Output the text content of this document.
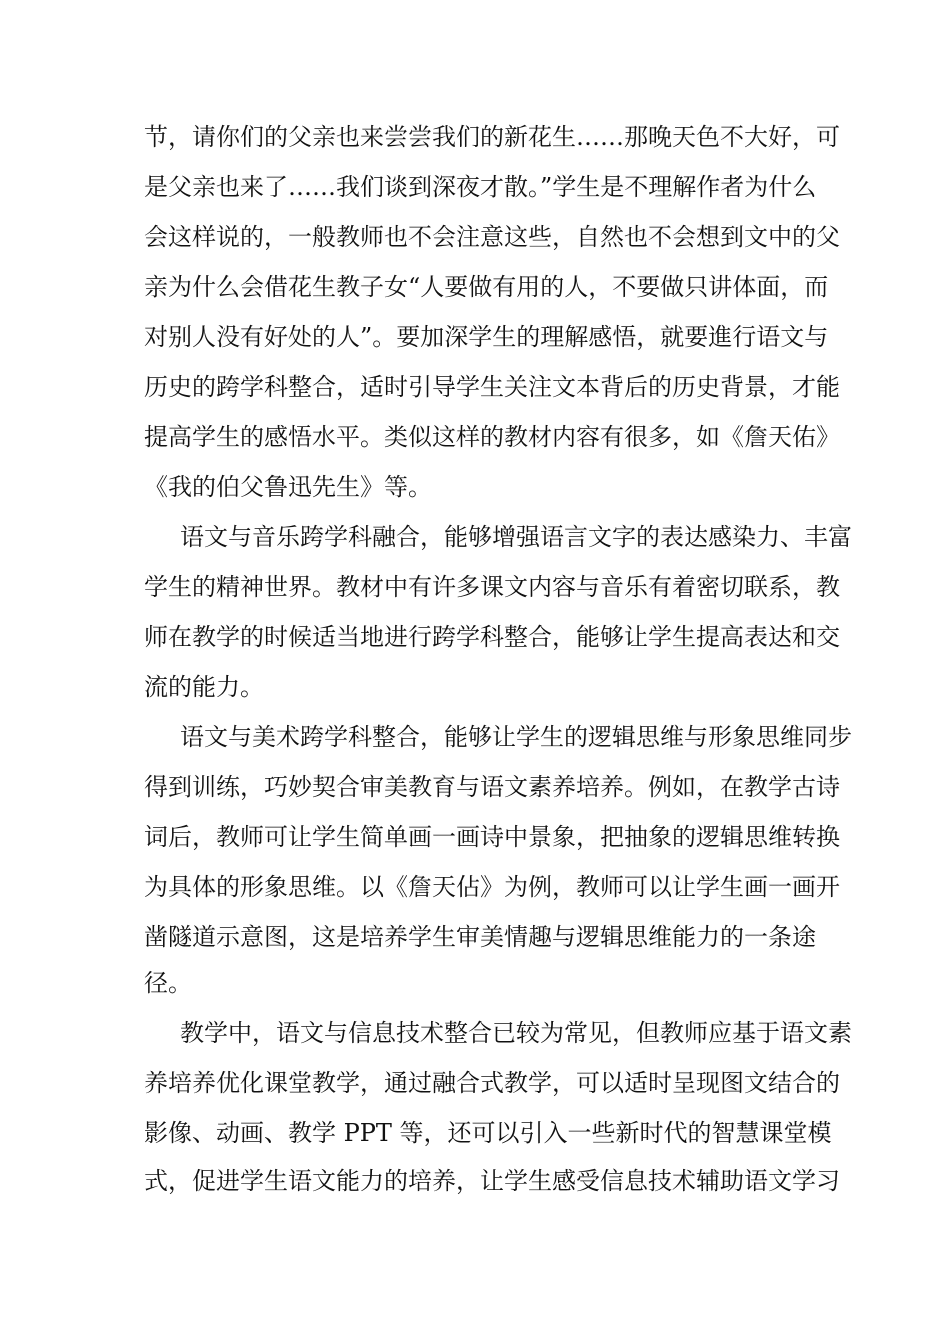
节，请你们的父亲也来尝尝我们的新花生……那晚天色不大好，可
是父亲也来了……我们谈到深夜才散。”学生是不理解作者为什么
会这样说的，一般教师也不会注意这些，自然也不会想到文中的父
亲为什么会借花生教子女“人要做有用的人，不要做只讲体面，而
对别人没有好处的人”。要加深学生的理解感悟，就要進行语文与
历史的跨学科整合，适时引导学生关注文本背后的历史背景，才能
提高学生的感悟水平。类似这样的教材内容有很多，如《詹天佑》
《我的伯父鲁迅先生》等。
语文与音乐跨学科融合，能够增强语言文字的表达感染力、丰富
学生的精神世界。教材中有许多课文内容与音乐有着密切联系，教
师在教学的时候适当地进行跨学科整合，能够让学生提高表达和交
流的能力。
语文与美术跨学科整合，能够让学生的逻辑思维与形象思维同步
得到训练，巧妙契合审美教育与语文素养培养。例如，在教学古诗
词后，教师可让学生简单画一画诗中景象，把抽象的逻辑思维转换
为具体的形象思维。以《詹天佔》为例，教师可以让学生画一画开
凿隧道示意图，这是培养学生审美情趣与逻辑思维能力的一条途
径。
教学中，语文与信息技术整合已较为常见，但教师应基于语文素
养培养优化课堂教学，通过融合式教学，可以适时呈现图文结合的
影像、动画、教学 PPT 等，还可以引入一些新时代的智慧课堂模
式，促进学生语文能力的培养，让学生感受信息技术辅助语文学习
